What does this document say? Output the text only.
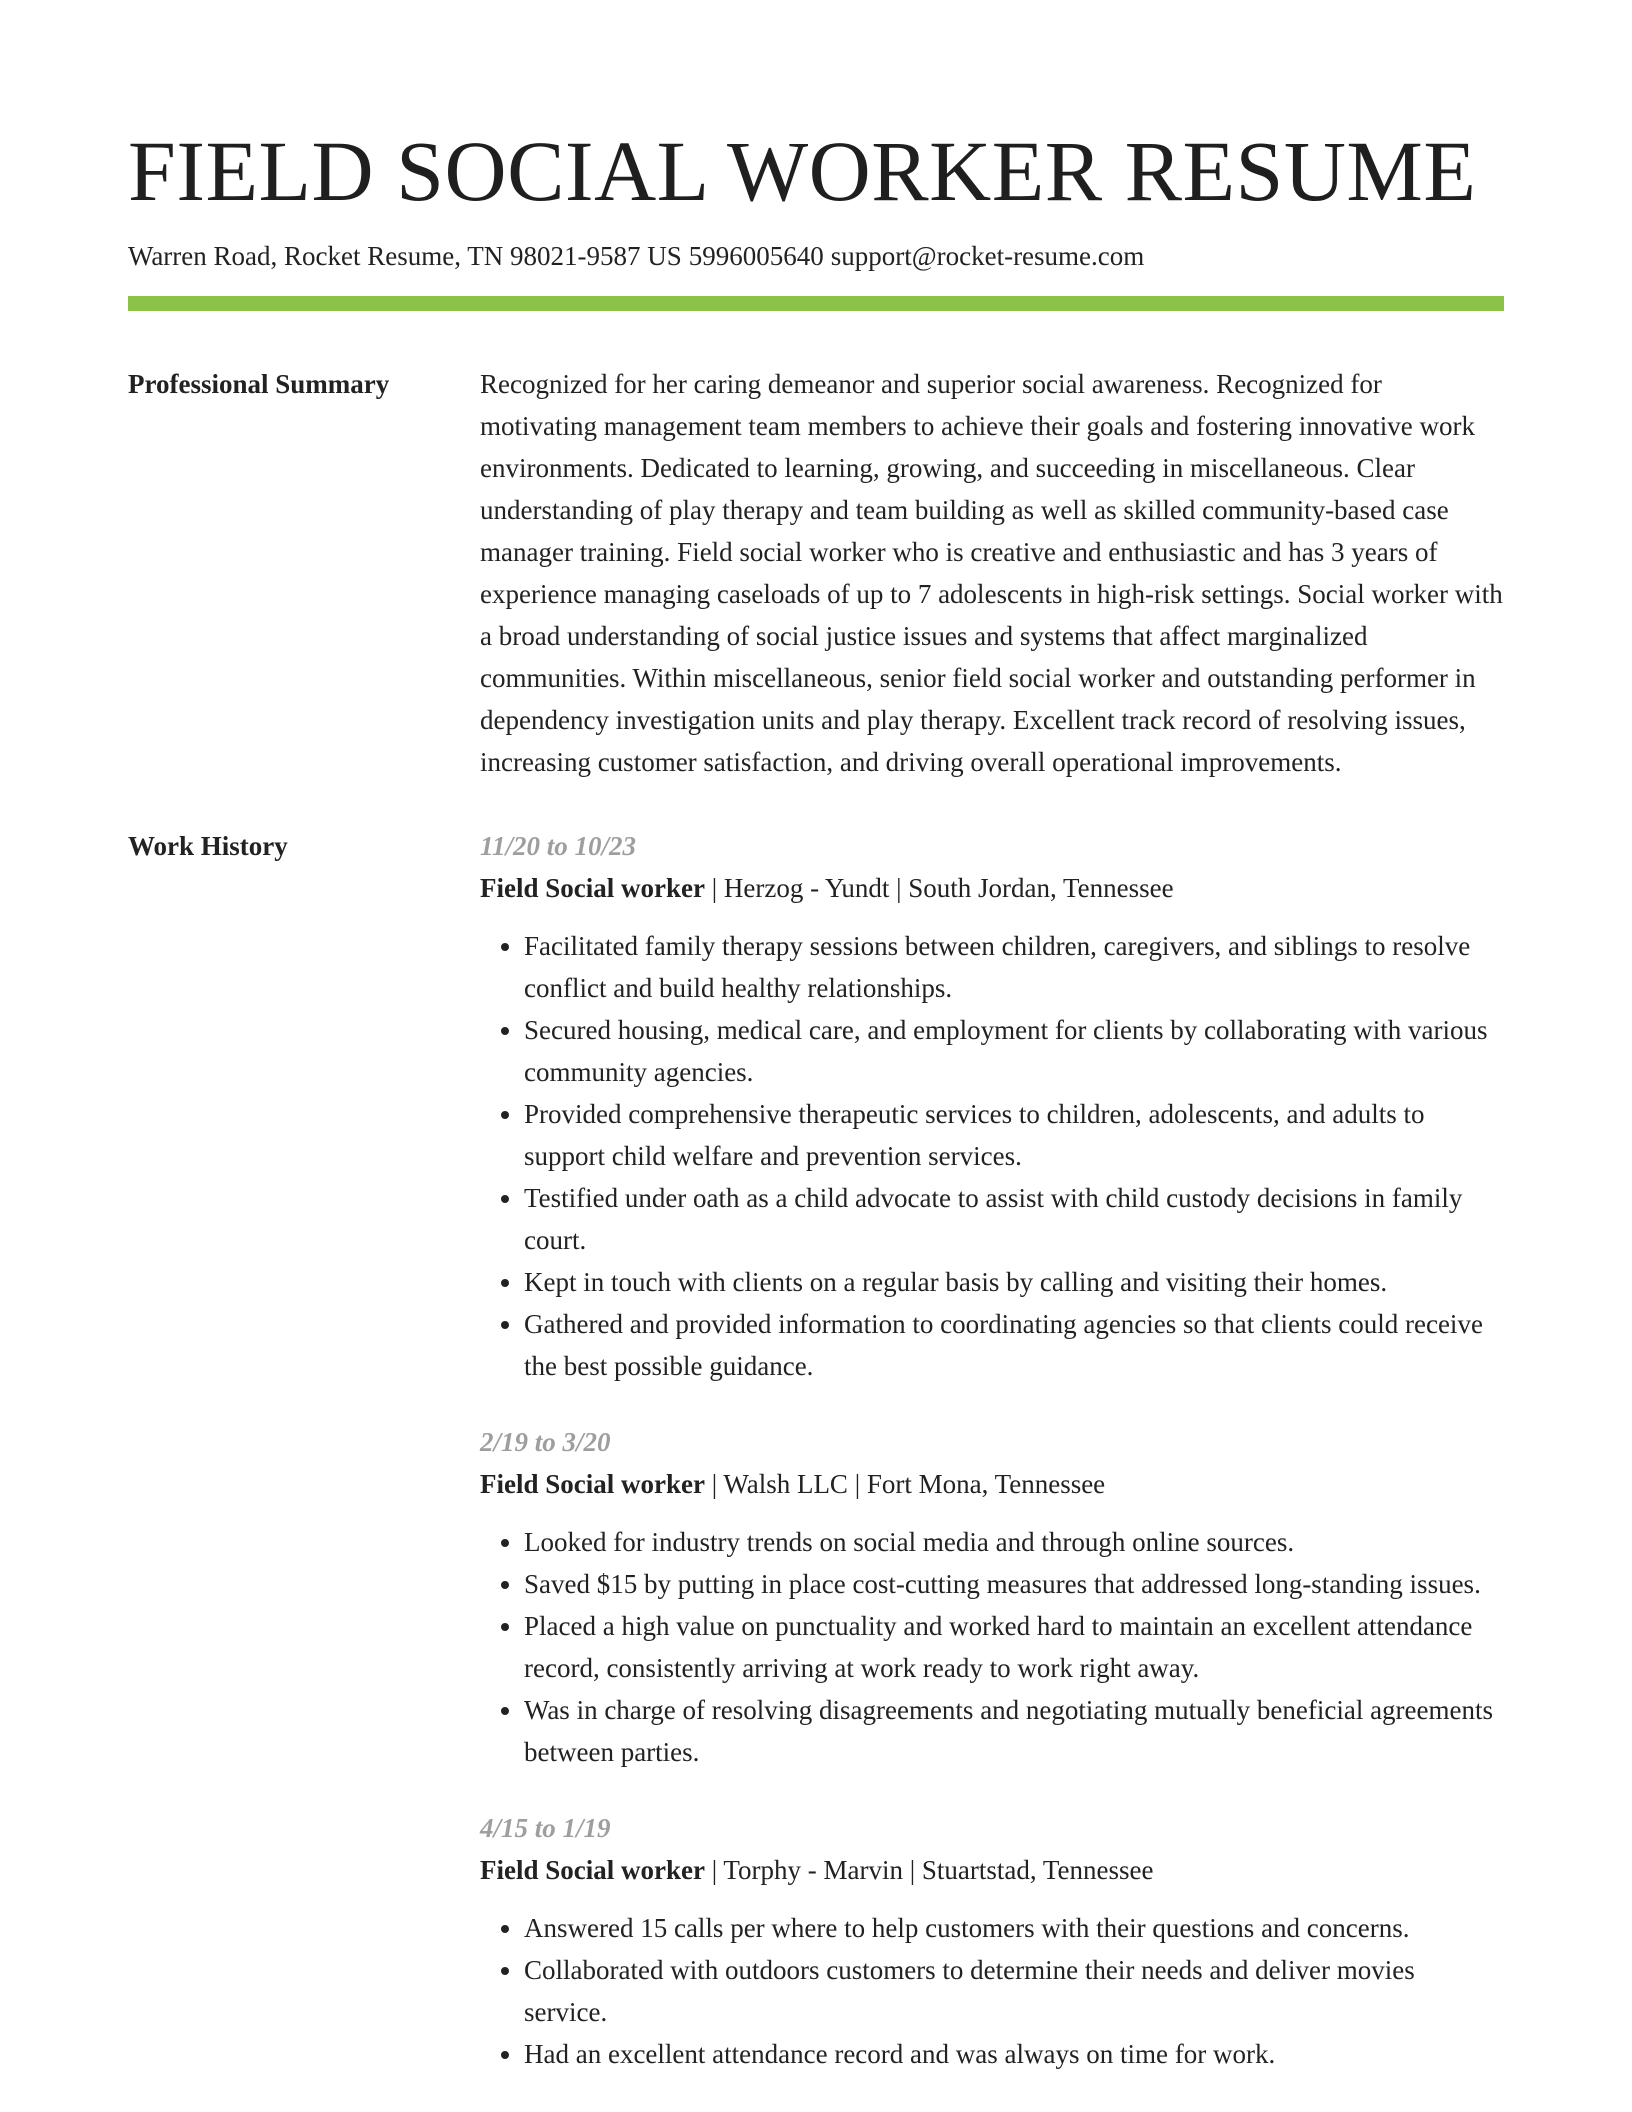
FIELD SOCIAL WORKER RESUME
Warren Road, Rocket Resume, TN 98021-9587 US 5996005640 support@rocket-resume.com
Professional Summary	Recognized for her caring demeanor and superior social awareness. Recognized for motivating management team members to achieve their goals and fostering innovative work environments. Dedicated to learning, growing, and succeeding in miscellaneous. Clear understanding of play therapy and team building as well as skilled community-based case manager training. Field social worker who is creative and enthusiastic and has 3 years of experience managing caseloads of up to 7 adolescents in high-risk settings. Social worker with a broad understanding of social justice issues and systems that affect marginalized communities. Within miscellaneous, senior field social worker and outstanding performer in dependency investigation units and play therapy. Excellent track record of resolving issues, increasing customer satisfaction, and driving overall operational improvements.

Work History	11/20 to 10/23
Field Social worker | Herzog - Yundt | South Jordan, Tennessee
• Facilitated family therapy sessions between children, caregivers, and siblings to resolve conflict and build healthy relationships.
• Secured housing, medical care, and employment for clients by collaborating with various community agencies.
• Provided comprehensive therapeutic services to children, adolescents, and adults to support child welfare and prevention services.
• Testified under oath as a child advocate to assist with child custody decisions in family court.
• Kept in touch with clients on a regular basis by calling and visiting their homes.
• Gathered and provided information to coordinating agencies so that clients could receive the best possible guidance.
2/19 to 3/20
Field Social worker | Walsh LLC | Fort Mona, Tennessee
• Looked for industry trends on social media and through online sources.
• Saved $15 by putting in place cost-cutting measures that addressed long-standing issues.
• Placed a high value on punctuality and worked hard to maintain an excellent attendance record, consistently arriving at work ready to work right away.
• Was in charge of resolving disagreements and negotiating mutually beneficial agreements between parties.
4/15 to 1/19
Field Social worker | Torphy - Marvin | Stuartstad, Tennessee
• Answered 15 calls per where to help customers with their questions and concerns.
• Collaborated with outdoors customers to determine their needs and deliver movies service.
• Had an excellent attendance record and was always on time for work.
